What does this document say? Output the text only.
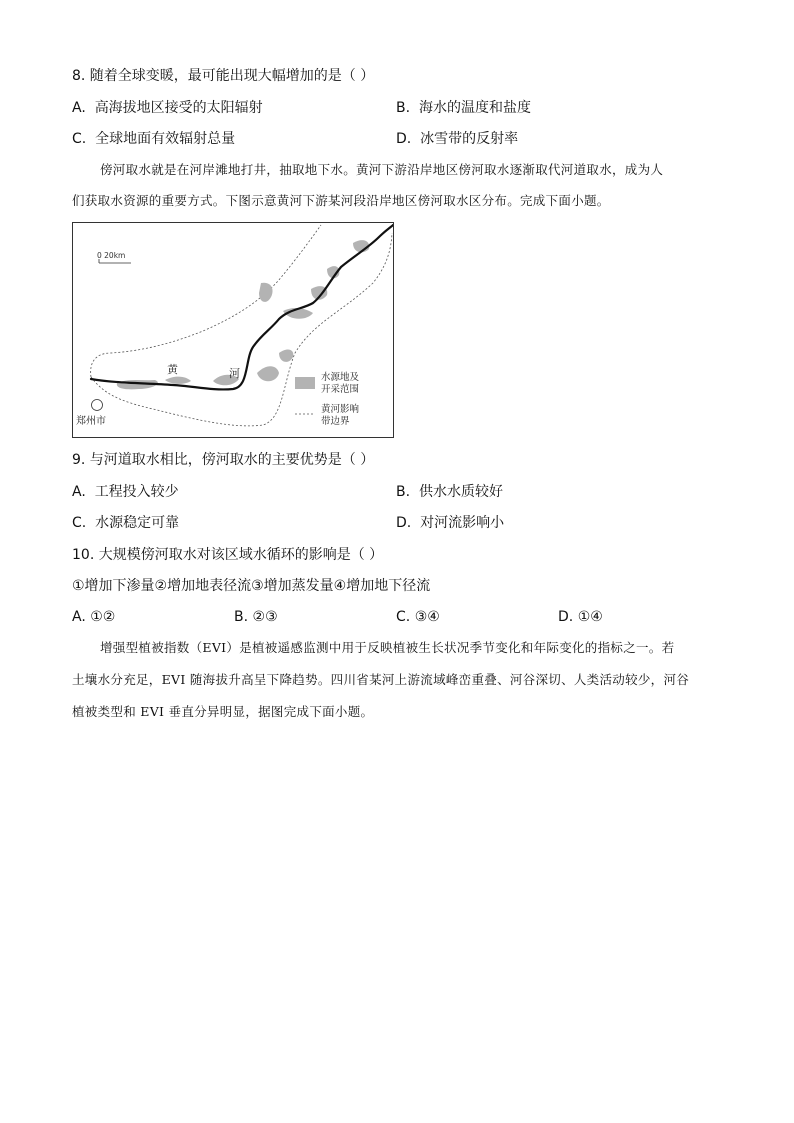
8. 随着全球变暖，最可能出现大幅增加的是（ ）
A. 高海拔地区接受的太阳辐射	B. 海水的温度和盐度
C. 全球地面有效辐射总量	D. 冰雪带的反射率
傍河取水就是在河岸滩地打井，抽取地下水。黄河下游沿岸地区傍河取水逐渐取代河道取水，成为人
们获取水资源的重要方式。下图示意黄河下游某河段沿岸地区傍河取水区分布。完成下面小题。
0 20km
黄	河
郑州市
水源地及
开采范围
黄河影响
带边界
9. 与河道取水相比，傍河取水的主要优势是（ ）
A. 工程投入较少	B. 供水水质较好
C. 水源稳定可靠	D. 对河流影响小
10. 大规模傍河取水对该区域水循环的影响是（ ）
①增加下渗量②增加地表径流③增加蒸发量④增加地下径流
A. ①②	B. ②③	C. ③④	D. ①④
增强型植被指数（EVI）是植被遥感监测中用于反映植被生长状况季节变化和年际变化的指标之一。若
土壤水分充足，EVI 随海拔升高呈下降趋势。四川省某河上游流域峰峦重叠、河谷深切、人类活动较少，河谷
植被类型和 EVI 垂直分异明显，据图完成下面小题。
